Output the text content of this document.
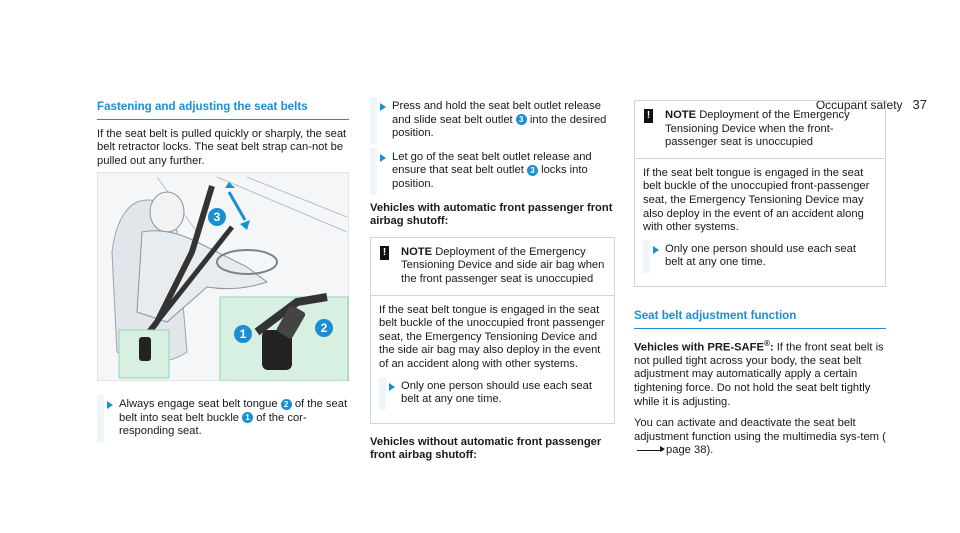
Occupant safety 37
Fastening and adjusting the seat belts

If the seat belt is pulled quickly or sharply, the seat belt retractor locks. The seat belt strap can-not be pulled out any further.

3
1	2
Always engage seat belt tongue 2 of the seat belt into seat belt buckle 1 of the cor-responding seat.
Press and hold the seat belt outlet release and slide seat belt outlet 3 into the desired position.
Let go of the seat belt outlet release and ensure that seat belt outlet 3 locks into position.

Vehicles with automatic front passenger front airbag shutoff:

! NOTE Deployment of the Emergency Tensioning Device and side air bag when the front passenger seat is unoccupied

If the seat belt tongue is engaged in the seat belt buckle of the unoccupied front passenger seat, the Emergency Tensioning Device and the side air bag may also deploy in the event of an accident along with other systems.

Only one person should use each seat belt at any one time.

Vehicles without automatic front passenger front airbag shutoff:

! NOTE Deployment of the Emergency Tensioning Device when the front-passenger seat is unoccupied

If the seat belt tongue is engaged in the seat belt buckle of the unoccupied front-passenger seat, the Emergency Tensioning Device may also deploy in the event of an accident along with other systems.

Only one person should use each seat belt at any one time.
Seat belt adjustment function

Vehicles with PRE-SAFE®: If the front seat belt is not pulled tight across your body, the seat belt adjustment may automatically apply a certain tightening force. Do not hold the seat belt tightly while it is adjusting.

You can activate and deactivate the seat belt adjustment function using the multimedia sys-tem (
page 38).
